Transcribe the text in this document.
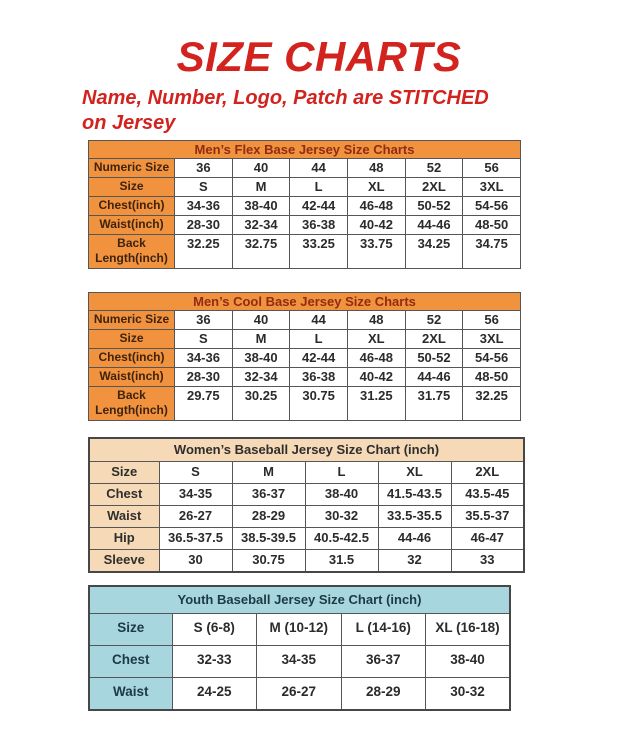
SIZE CHARTS
Name, Number, Logo, Patch are STITCHED
on Jersey
Men’s Flex Base Jersey Size Charts						
Numeric Size	36	40	44	48	52	56
Size	S	M	L	XL	2XL	3XL
Chest(inch)	34-36	38-40	42-44	46-48	50-52	54-56
Waist(inch)	28-30	32-34	36-38	40-42	44-46	48-50
Back Length(inch)	32.25	32.75	33.25	33.75	34.25	34.75
Men’s Cool Base Jersey Size Charts						
Numeric Size	36	40	44	48	52	56
Size	S	M	L	XL	2XL	3XL
Chest(inch)	34-36	38-40	42-44	46-48	50-52	54-56
Waist(inch)	28-30	32-34	36-38	40-42	44-46	48-50
Back Length(inch)	29.75	30.25	30.75	31.25	31.75	32.25
Women’s Baseball Jersey Size Chart (inch)					
Size	S	M	L	XL	2XL
Chest	34-35	36-37	38-40	41.5-43.5	43.5-45
Waist	26-27	28-29	30-32	33.5-35.5	35.5-37
Hip	36.5-37.5	38.5-39.5	40.5-42.5	44-46	46-47
Sleeve	30	30.75	31.5	32	33
Youth Baseball Jersey Size Chart (inch)				
Size	S (6-8)	M (10-12)	L (14-16)	XL (16-18)
Chest	32-33	34-35	36-37	38-40
Waist	24-25	26-27	28-29	30-32
